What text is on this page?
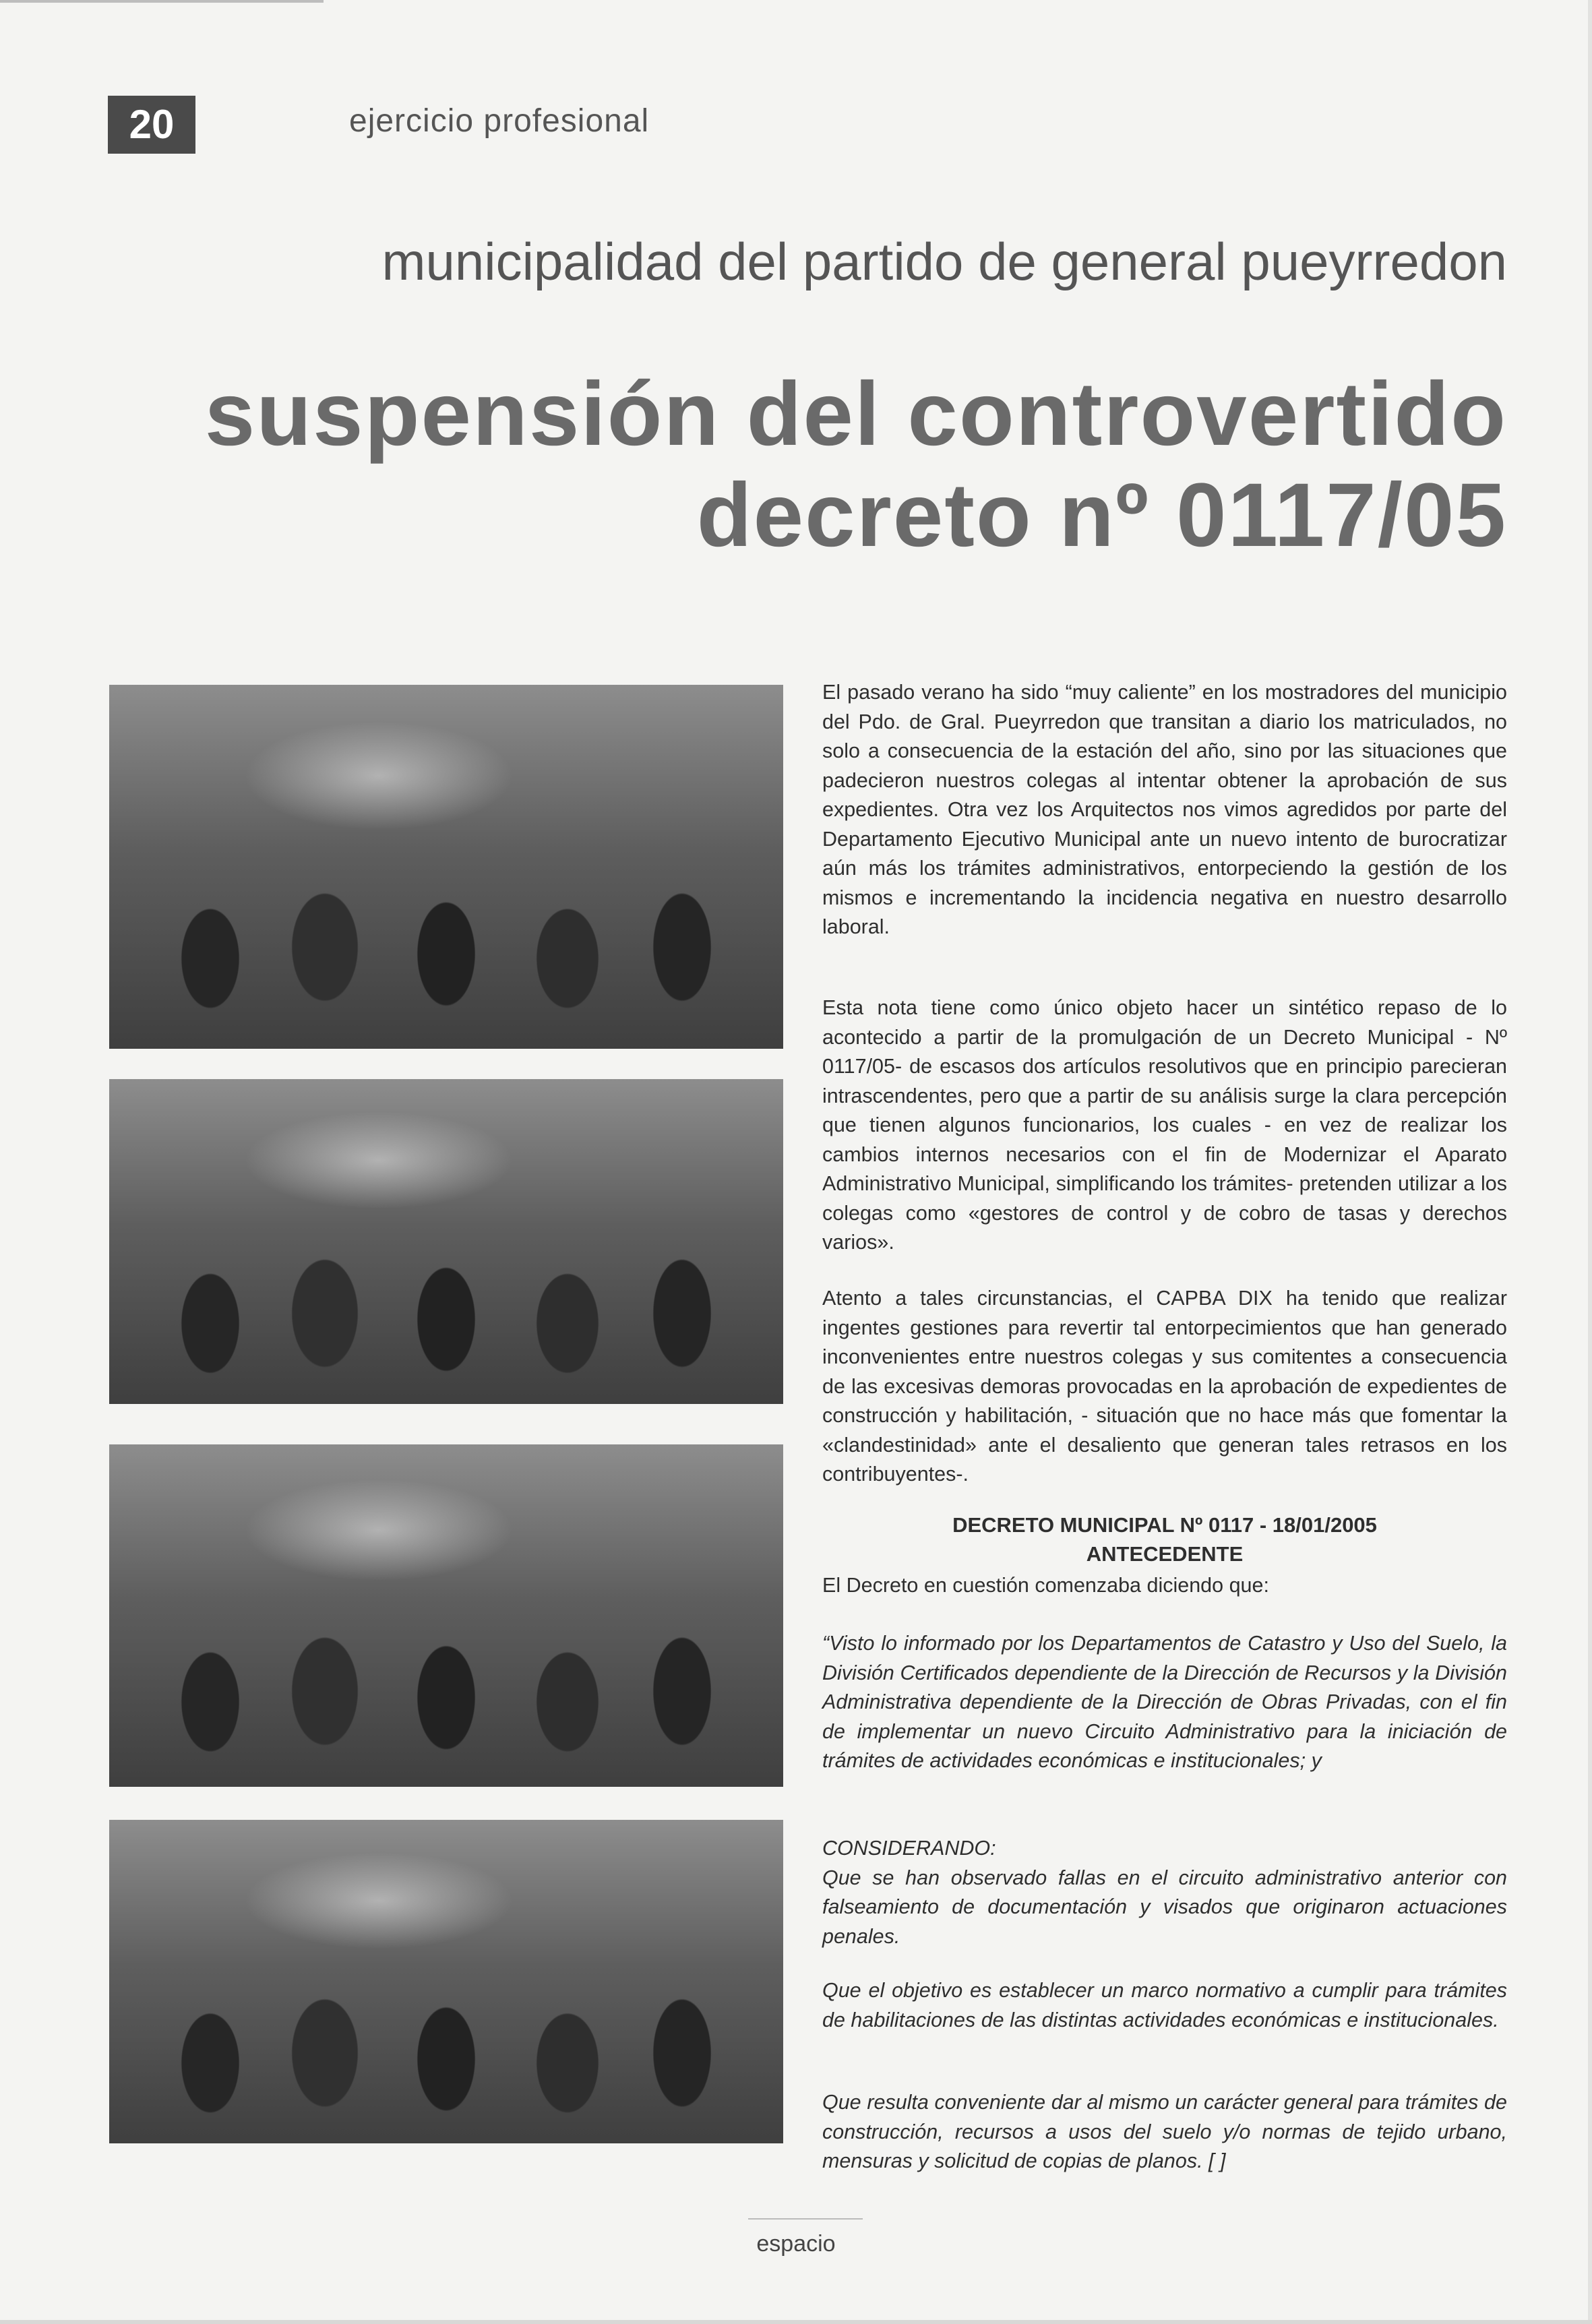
20	ejercicio profesional
municipalidad del partido de general pueyrredon
suspensión del controvertido
decreto nº 0117/05
El pasado verano ha sido “muy caliente” en los mostradores del municipio del Pdo. de Gral. Pueyrredon que transitan a diario los matriculados, no solo a consecuencia de la estación del año, sino por las situaciones que padecieron nuestros colegas al intentar obtener la aprobación de sus expedientes. Otra vez los Arquitectos nos vimos agredidos por parte del Departamento Ejecutivo Municipal ante un nuevo intento de burocratizar aún más los trámites administrativos, entorpeciendo la gestión de los mismos e incrementando la incidencia negativa en nuestro desarrollo laboral.
Esta nota tiene como único objeto hacer un sintético repaso de lo acontecido a partir de la promulgación de un Decreto Municipal - Nº 0117/05- de escasos dos artículos resolutivos que en principio parecieran intrascendentes, pero que a partir de su análisis surge la clara percepción que tienen algunos funcionarios, los cuales - en vez de realizar los cambios internos necesarios con el fin de Modernizar el Aparato Administrativo Municipal, simplificando los trámites- pretenden utilizar a los colegas como «gestores de control y de cobro de tasas y derechos varios».
Atento a tales circunstancias, el CAPBA DIX ha tenido que realizar ingentes gestiones para revertir tal entorpecimientos que han generado inconvenientes entre nuestros colegas y sus comitentes a consecuencia de las excesivas demoras provocadas en la aprobación de expedientes de construcción y habilitación, - situación que no hace más que fomentar la «clandestinidad» ante el desaliento que generan tales retrasos en los contribuyentes-.
DECRETO MUNICIPAL Nº 0117 - 18/01/2005
ANTECEDENTE
El Decreto en cuestión comenzaba diciendo que:
“Visto lo informado por los Departamentos de Catastro y Uso del Suelo, la División Certificados dependiente de la Dirección de Recursos y la División Administrativa dependiente de la Dirección de Obras Privadas, con el fin de implementar un nuevo Circuito Administrativo para la iniciación de trámites de actividades económicas e institucionales; y
CONSIDERANDO:
Que se han observado fallas en el circuito administrativo anterior con falseamiento de documentación y visados que originaron actuaciones penales.
Que el objetivo es establecer un marco normativo a cumplir para trámites de habilitaciones de las distintas actividades económicas e institucionales.
Que resulta conveniente dar al mismo un carácter general para trámites de construcción, recursos a usos del suelo y/o normas de tejido urbano, mensuras y solicitud de copias de planos. [ ]
espacio
